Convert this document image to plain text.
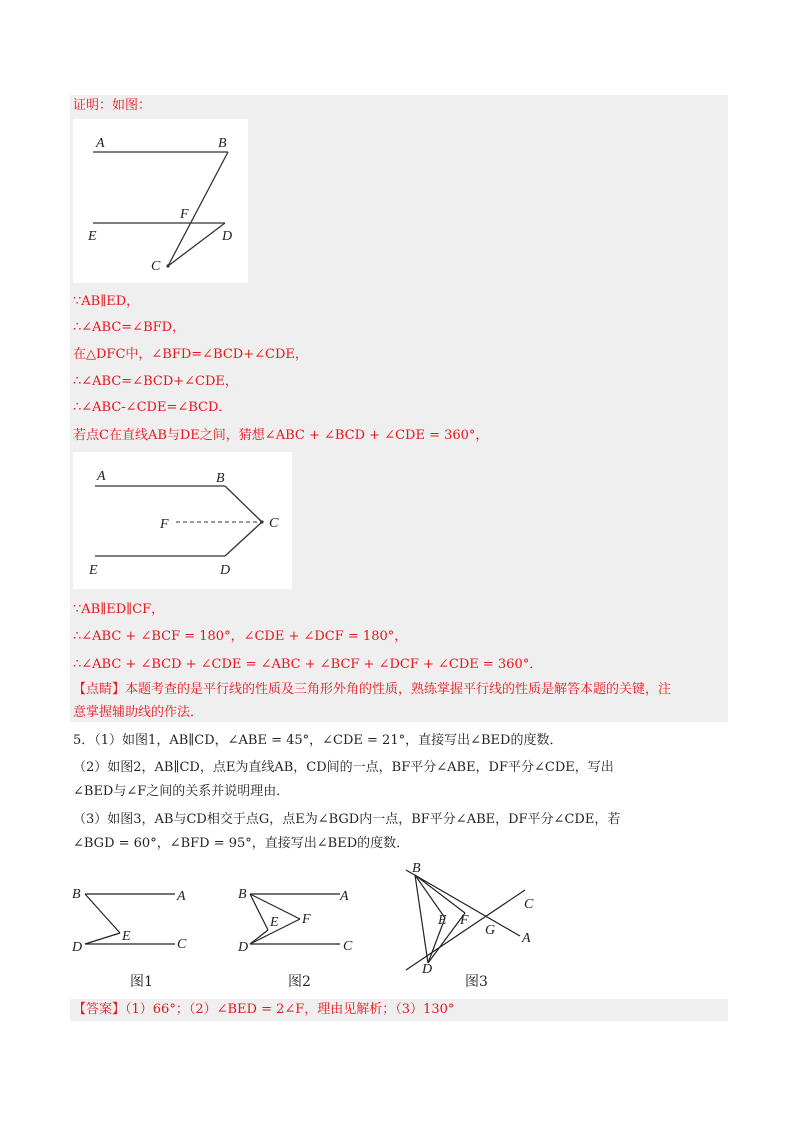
证明：如图：
A	B
E
F
D
C
∵AB∥ED，
∴∠ABC=∠BFD，
在△DFC中，∠BFD=∠BCD+∠CDE，
∴∠ABC=∠BCD+∠CDE，
∴∠ABC-∠CDE=∠BCD．
若点C在直线AB与DE之间，猜想∠ABC + ∠BCD + ∠CDE = 360°，
A	B
F	C
E	D
∵AB∥ED∥CF，
∴∠ABC + ∠BCF = 180°，∠CDE + ∠DCF = 180°，
∴∠ABC + ∠BCD + ∠CDE = ∠ABC + ∠BCF + ∠DCF + ∠CDE = 360°．
【点睛】本题考查的是平行线的性质及三角形外角的性质，熟练掌握平行线的性质是解答本题的关键，注
意掌握辅助线的作法．
5．（1）如图1，AB∥CD，∠ABE = 45°，∠CDE = 21°，直接写出∠BED的度数．
（2）如图2，AB∥CD，点E为直线AB，CD间的一点，BF平分∠ABE，DF平分∠CDE，写出
∠BED与∠F之间的关系并说明理由．
（3）如图3，AB与CD相交于点G，点E为∠BGD内一点，BF平分∠ABE，DF平分∠CDE，若
∠BGD = 60°，∠BFD = 95°，直接写出∠BED的度数．
B	A
E
D	C
图1
B	A
E F
D	C
图2
B
C
E F
G
A
D
图3
【答案】（1）66°；（2）∠BED = 2∠F，理由见解析；（3）130°
